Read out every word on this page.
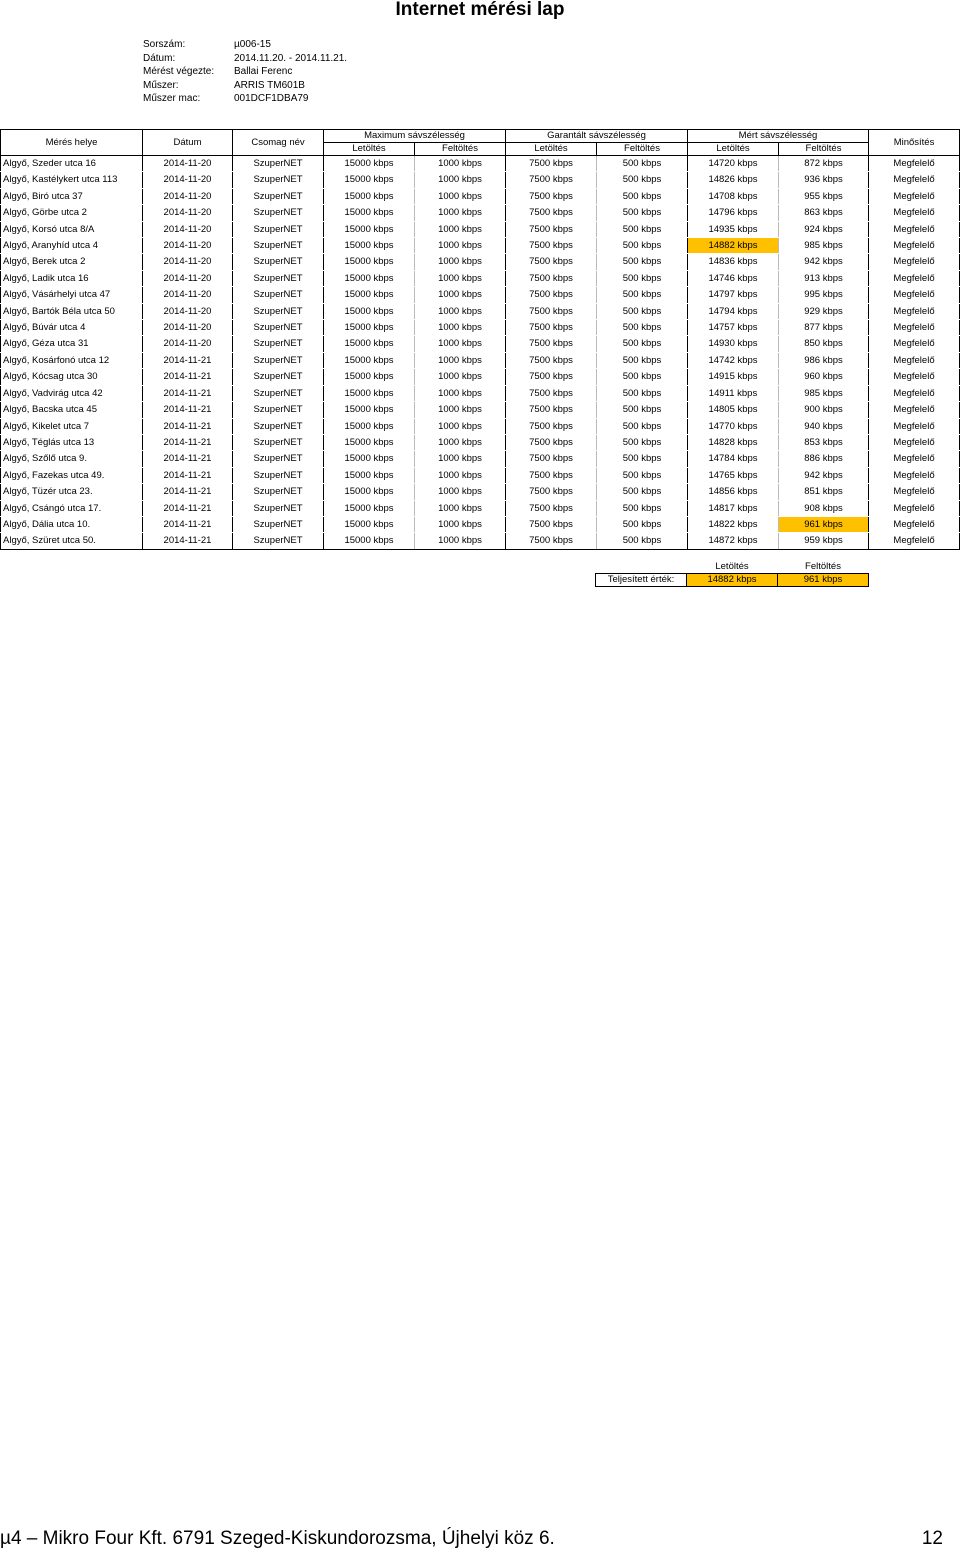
Internet mérési lap
Sorszám:	µ006-15
Dátum:	2014.11.20. - 2014.11.21.
Mérést végezte: Ballai Ferenc
Műszer:	ARRIS TM601B
Műszer mac:	001DCF1DBA79
Mérés helye	Dátum	Csomag név	Maximum sávszélesség		Garantált sávszélesség		Mért sávszélesség		Minősítés
			Letöltés	Feltöltés	Letöltés	Feltöltés	Letöltés	Feltöltés	
Algyő, Szeder utca 16	2014-11-20	SzuperNET	15000 kbps	1000 kbps	7500 kbps	500 kbps	14720 kbps	872 kbps	Megfelelő
Algyő, Kastélykert utca 113	2014-11-20	SzuperNET	15000 kbps	1000 kbps	7500 kbps	500 kbps	14826 kbps	936 kbps	Megfelelő
Algyő, Biró utca 37	2014-11-20	SzuperNET	15000 kbps	1000 kbps	7500 kbps	500 kbps	14708 kbps	955 kbps	Megfelelő
Algyő, Görbe utca 2	2014-11-20	SzuperNET	15000 kbps	1000 kbps	7500 kbps	500 kbps	14796 kbps	863 kbps	Megfelelő
Algyő, Korsó utca 8/A	2014-11-20	SzuperNET	15000 kbps	1000 kbps	7500 kbps	500 kbps	14935 kbps	924 kbps	Megfelelő
Algyő, Aranyhíd utca 4	2014-11-20	SzuperNET	15000 kbps	1000 kbps	7500 kbps	500 kbps	14882 kbps	985 kbps	Megfelelő
Algyő, Berek utca 2	2014-11-20	SzuperNET	15000 kbps	1000 kbps	7500 kbps	500 kbps	14836 kbps	942 kbps	Megfelelő
Algyő, Ladik utca 16	2014-11-20	SzuperNET	15000 kbps	1000 kbps	7500 kbps	500 kbps	14746 kbps	913 kbps	Megfelelő
Algyő, Vásárhelyi utca 47	2014-11-20	SzuperNET	15000 kbps	1000 kbps	7500 kbps	500 kbps	14797 kbps	995 kbps	Megfelelő
Algyő, Bartók Béla utca 50	2014-11-20	SzuperNET	15000 kbps	1000 kbps	7500 kbps	500 kbps	14794 kbps	929 kbps	Megfelelő
Algyő, Búvár utca 4	2014-11-20	SzuperNET	15000 kbps	1000 kbps	7500 kbps	500 kbps	14757 kbps	877 kbps	Megfelelő
Algyő, Géza utca 31	2014-11-20	SzuperNET	15000 kbps	1000 kbps	7500 kbps	500 kbps	14930 kbps	850 kbps	Megfelelő
Algyő, Kosárfonó utca 12	2014-11-21	SzuperNET	15000 kbps	1000 kbps	7500 kbps	500 kbps	14742 kbps	986 kbps	Megfelelő
Algyő, Kócsag utca 30	2014-11-21	SzuperNET	15000 kbps	1000 kbps	7500 kbps	500 kbps	14915 kbps	960 kbps	Megfelelő
Algyő, Vadvirág utca 42	2014-11-21	SzuperNET	15000 kbps	1000 kbps	7500 kbps	500 kbps	14911 kbps	985 kbps	Megfelelő
Algyő, Bacska utca 45	2014-11-21	SzuperNET	15000 kbps	1000 kbps	7500 kbps	500 kbps	14805 kbps	900 kbps	Megfelelő
Algyő, Kikelet utca 7	2014-11-21	SzuperNET	15000 kbps	1000 kbps	7500 kbps	500 kbps	14770 kbps	940 kbps	Megfelelő
Algyő, Téglás utca 13	2014-11-21	SzuperNET	15000 kbps	1000 kbps	7500 kbps	500 kbps	14828 kbps	853 kbps	Megfelelő
Algyő, Szőlő utca 9.	2014-11-21	SzuperNET	15000 kbps	1000 kbps	7500 kbps	500 kbps	14784 kbps	886 kbps	Megfelelő
Algyő, Fazekas utca 49.	2014-11-21	SzuperNET	15000 kbps	1000 kbps	7500 kbps	500 kbps	14765 kbps	942 kbps	Megfelelő
Algyő, Tüzér utca 23.	2014-11-21	SzuperNET	15000 kbps	1000 kbps	7500 kbps	500 kbps	14856 kbps	851 kbps	Megfelelő
Algyő, Csángó utca 17.	2014-11-21	SzuperNET	15000 kbps	1000 kbps	7500 kbps	500 kbps	14817 kbps	908 kbps	Megfelelő
Algyő, Dália utca 10.	2014-11-21	SzuperNET	15000 kbps	1000 kbps	7500 kbps	500 kbps	14822 kbps	961 kbps	Megfelelő
Algyő, Szüret utca 50.	2014-11-21	SzuperNET	15000 kbps	1000 kbps	7500 kbps	500 kbps	14872 kbps	959 kbps	Megfelelő
	Letöltés	Feltöltés
Teljesített érték:	14882 kbps	961 kbps
µ4 – Mikro Four Kft. 6791 Szeged-Kiskundorozsma, Újhelyi köz 6.	12
